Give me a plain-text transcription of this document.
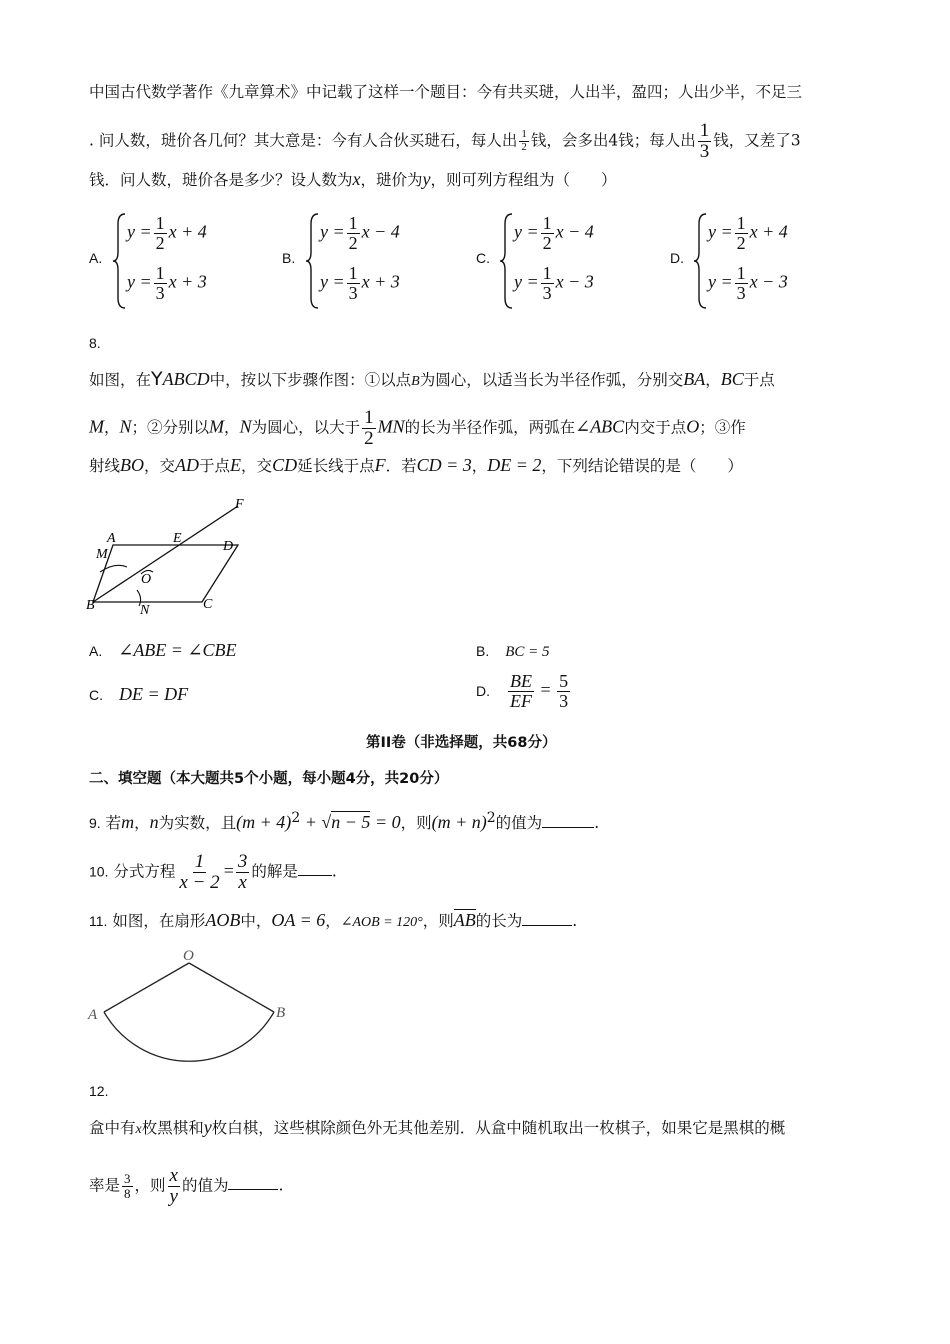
中国古代数学著作《九章算术》中记载了这样一个题目：今有共买琎，人出半，盈四；人出少半，不足三
. 问人数，琎价各几何？其大意是：今有人合伙买琎石，每人出 $\frac{1}{2}$ 钱，会多出4钱；每人出 $\frac{1}{3}$ 钱，又差了3
钱．问人数，琎价各是多少？设人数为x，琎价为y，则可列方程组为（　　）
A.
$y = \frac{1}{2}$ x + 4
$y = \frac{1}{3}$ x + 3
B.
$y = \frac{1}{2}$ x − 4
$y = \frac{1}{3}$ x + 3
C.
$y = \frac{1}{2}$ x − 4
$y = \frac{1}{3}$ x − 3
D.
$y = \frac{1}{2}$ x + 4
$y = \frac{1}{3}$ x − 3
8.
如图，在YABCD中，按以下步骤作图：①以点B为圆心，以适当长为半径作弧，分别交BA，BC于点
M，N；②分别以M，N为圆心，以大于 $\frac{1}{2}$ MN的长为半径作弧，两弧在∠ABC内交于点O；③作
射线BO，交AD于点E，交CD延长线于点F．若CD = 3，DE = 2，下列结论错误的是（　　）
A	E
D
M
O
B	N	C
F
A. ∠ABE = ∠CBE	B. BC = 5
C. DE = DF	D. $\frac{BE}{EF} = \frac{5}{3}$
第II卷（非选择题，共68分）
二、填空题（本大题共5个小题，每小题4分，共20分）
9. 若m，n为实数，且$(m + 4)^2 + √n - 5 = 0$，则$(m + n)^2$的值为	.
10. 分式方程 $\frac{1}{x - 2} = \frac{3}{x}$ 的解是 .
11. 如图，在扇形AOB中，OA = 6，∠AOB = 120°，则AB的长为	.
O
A	B
12.
盒中有x枚黑棋和y枚白棋，这些棋除颜色外无其他差别．从盒中随机取出一枚棋子，如果它是黑棋的概
率是 $\frac{3}{8}$ ，则 $\frac{x}{y}$ 的值为	.
